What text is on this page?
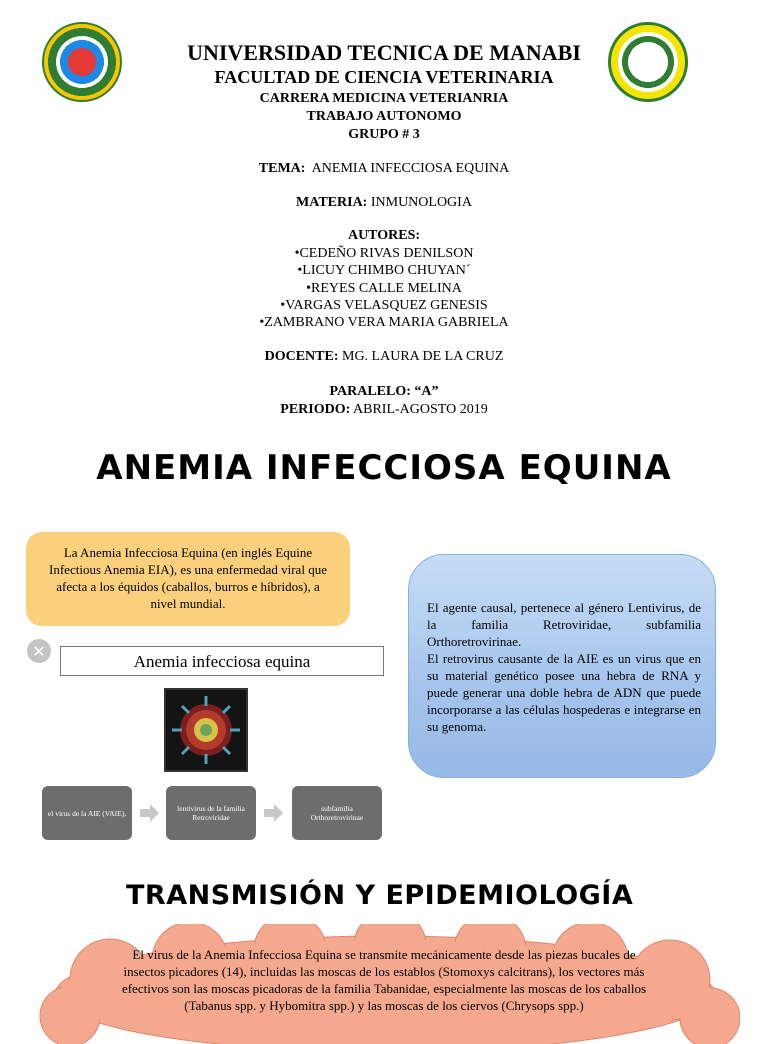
UNIVERSIDAD TECNICA DE MANABI
FACULTAD DE CIENCIA VETERINARIA
CARRERA MEDICINA VETERIANRIA
TRABAJO AUTONOMO
GRUPO # 3
TEMA: ANEMIA INFECCIOSA EQUINA
MATERIA: INMUNOLOGIA
AUTORES:
•CEDEÑO RIVAS DENILSON
•LICUY CHIMBO CHUYAN´
•REYES CALLE MELINA
•VARGAS VELASQUEZ GENESIS
•ZAMBRANO VERA MARIA GABRIELA
DOCENTE: MG. LAURA DE LA CRUZ
PARALELO: “A”
PERIODO: ABRIL-AGOSTO 2019
ANEMIA INFECCIOSA EQUINA
La Anemia Infecciosa Equina (en inglés Equine Infectious Anemia EIA), es una enfermedad viral que afecta a los équidos (caballos, burros e híbridos), a nivel mundial.	El agente causal, pertenece al género Lentivirus, de la familia Retroviridae, subfamilia Orthoretrovirinae.
El retrovirus causante de la AIE es un virus que en su material genético posee una hebra de RNA y puede generar una doble hebra de ADN que puede incorporarse a las células hospederas e integrarse en su genoma.
✕
Anemia infecciosa equina
el virus de la AIE (VAIE),	lentivirus de la familia Retroviridae
subfamilia Orthoretrovirinae
TRANSMISIÓN Y EPIDEMIOLOGÍA
El virus de la Anemia Infecciosa Equina se transmite mecánicamente desde las piezas bucales de insectos picadores (14), incluidas las moscas de los establos (Stomoxys calcitrans), los vectores más efectivos son las moscas picadoras de la familia Tabanidae, especialmente las moscas de los caballos (Tabanus spp. y Hybomitra spp.) y las moscas de los ciervos (Chrysops spp.)
